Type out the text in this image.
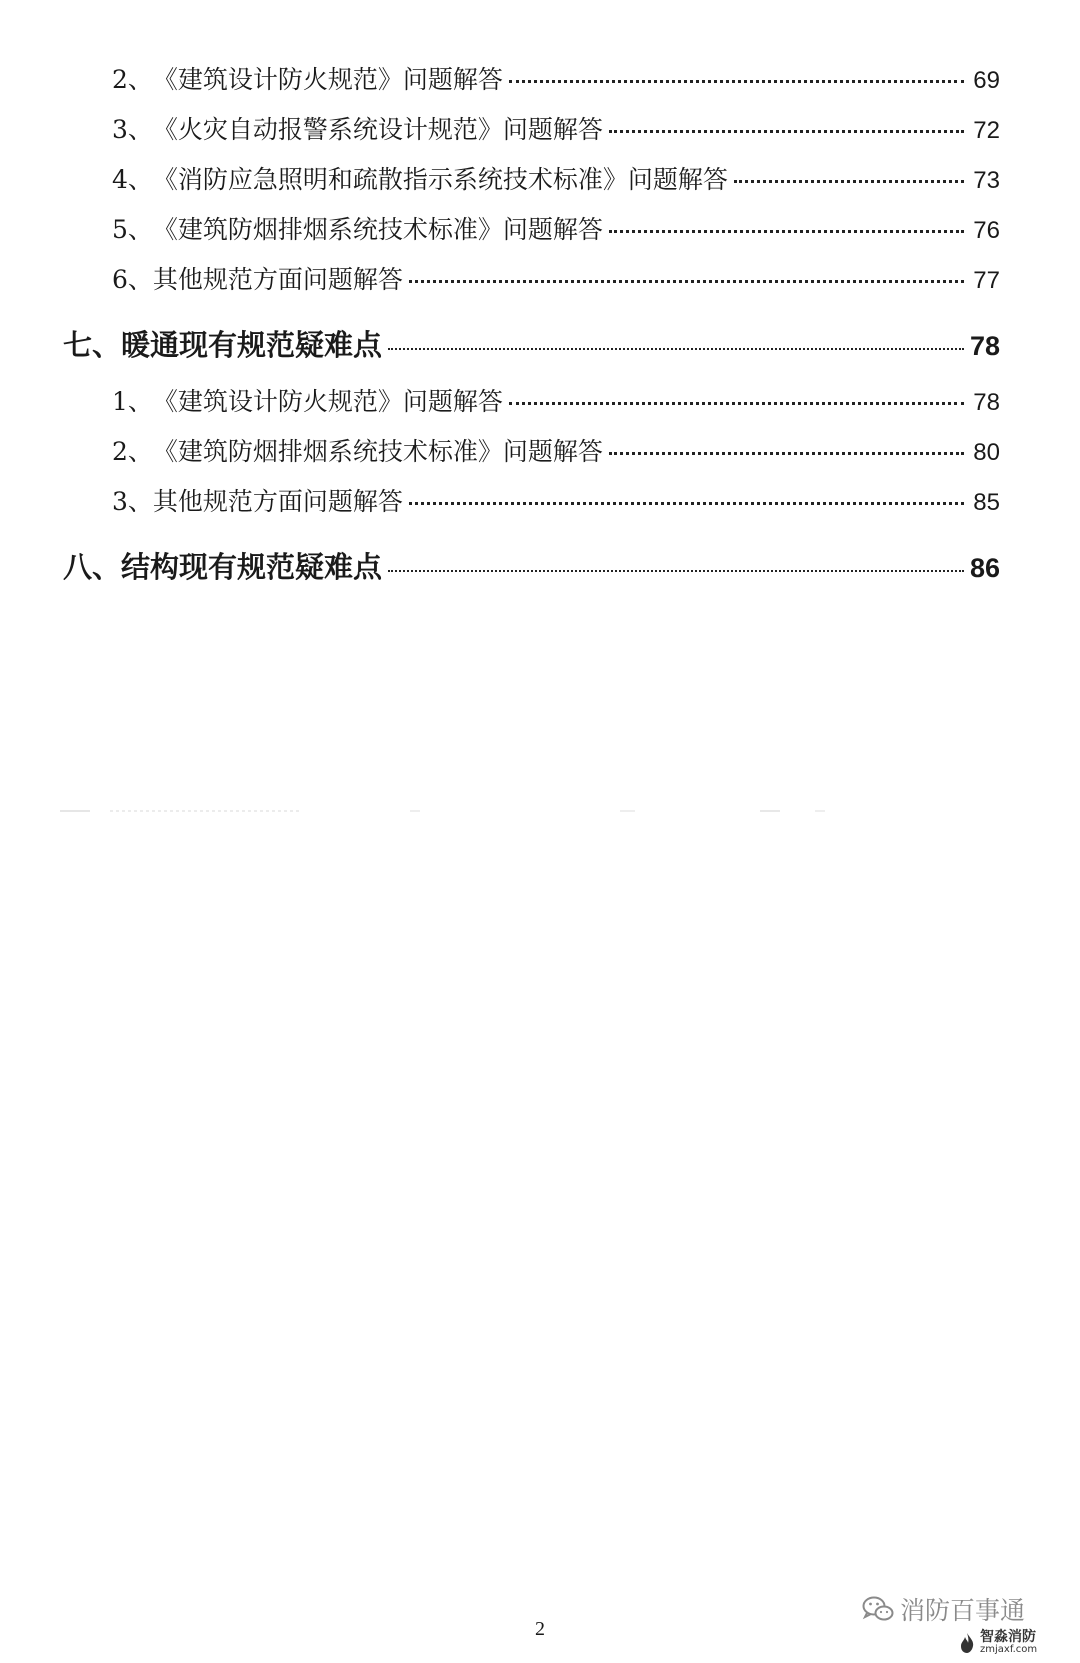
2、 《建筑设计防火规范》问题解答	69
3、 《火灾自动报警系统设计规范》问题解答	72
4、 《消防应急照明和疏散指示系统技术标准》问题解答	73
5、 《建筑防烟排烟系统技术标准》问题解答	76
6、 其他规范方面问题解答	77
七、暖通现有规范疑难点	78
1、 《建筑设计防火规范》问题解答	78
2、 《建筑防烟排烟系统技术标准》问题解答	80
3、 其他规范方面问题解答	85
八、结构现有规范疑难点	86
2
消防百事通
智淼消防
zmjaxf.com
